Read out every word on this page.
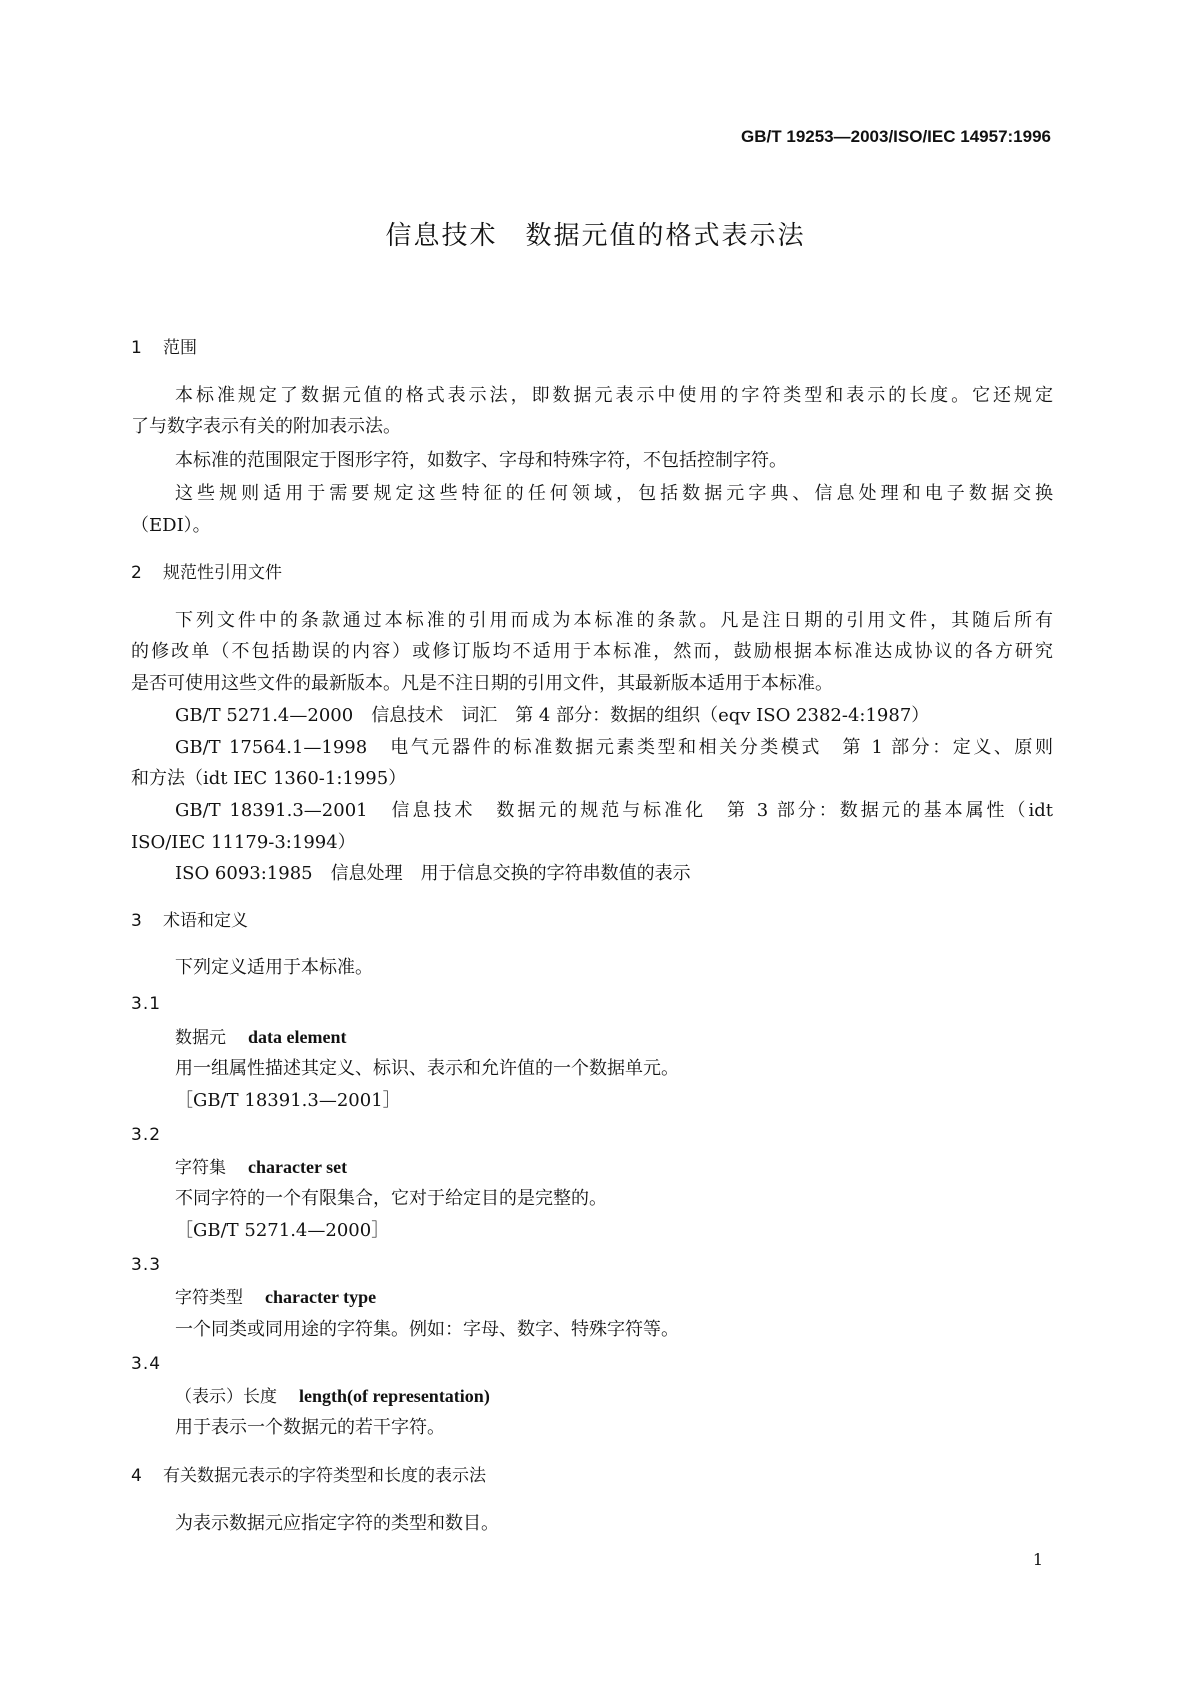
GB/T 19253—2003/ISO/IEC 14957:1996
信息技术　数据元值的格式表示法
1 范围
本标准规定了数据元值的格式表示法，即数据元表示中使用的字符类型和表示的长度。它还规定
了与数字表示有关的附加表示法。
本标准的范围限定于图形字符，如数字、字母和特殊字符，不包括控制字符。
这些规则适用于需要规定这些特征的任何领域，包括数据元字典、信息处理和电子数据交换
（EDI）。
2 规范性引用文件
下列文件中的条款通过本标准的引用而成为本标准的条款。凡是注日期的引用文件，其随后所有
的修改单（不包括勘误的内容）或修订版均不适用于本标准，然而，鼓励根据本标准达成协议的各方研究
是否可使用这些文件的最新版本。凡是不注日期的引用文件，其最新版本适用于本标准。
GB/T 5271.4—2000　信息技术　词汇　第 4 部分：数据的组织（eqv ISO 2382-4:1987）
GB/T 17564.1—1998　电气元器件的标准数据元素类型和相关分类模式　第 1 部分：定义、原则
和方法（idt IEC 1360-1:1995）
GB/T 18391.3—2001　信息技术　数据元的规范与标准化　第 3 部分：数据元的基本属性（idt
ISO/IEC 11179-3:1994）
ISO 6093:1985　信息处理　用于信息交换的字符串数值的表示
3 术语和定义
下列定义适用于本标准。
3.1
数据元 data element
用一组属性描述其定义、标识、表示和允许值的一个数据单元。
［GB/T 18391.3—2001］
3.2
字符集 character set
不同字符的一个有限集合，它对于给定目的是完整的。
［GB/T 5271.4—2000］
3.3
字符类型 character type
一个同类或同用途的字符集。例如：字母、数字、特殊字符等。
3.4
（表示）长度 length(of representation)
用于表示一个数据元的若干字符。
4 有关数据元表示的字符类型和长度的表示法
为表示数据元应指定字符的类型和数目。
1
